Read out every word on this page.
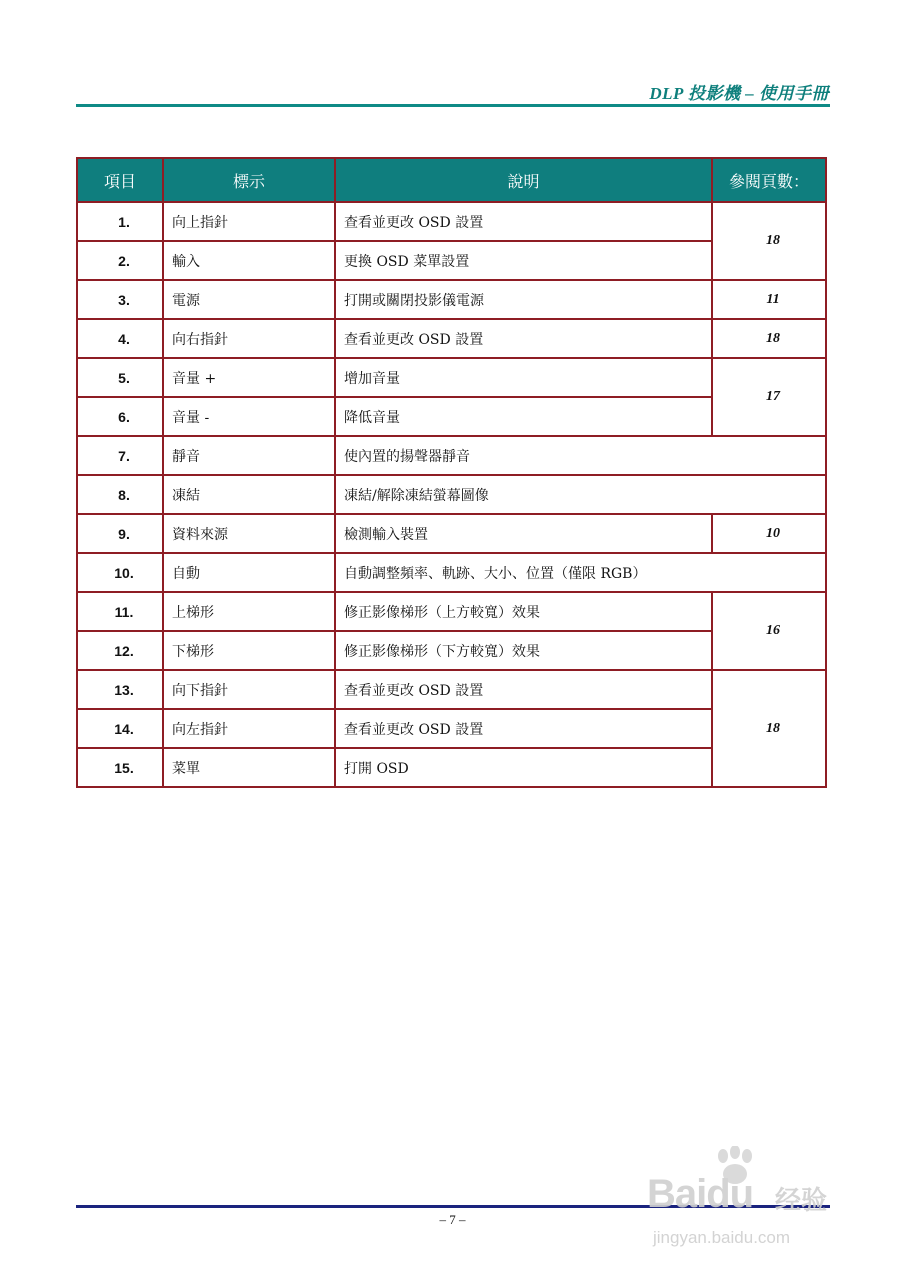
DLP 投影機 – 使用手冊
項目	標示	說明	參閱頁數：
1.	向上指針	查看並更改 OSD 設置	18
2.	輸入	更換 OSD 菜單設置	
3.	電源	打開或關閉投影儀電源	11
4.	向右指針	查看並更改 OSD 設置	18
5.	音量 +	增加音量	17
6.	音量 -	降低音量	
7.	靜音	使內置的揚聲器靜音	
8.	凍結	凍結/解除凍結螢幕圖像	
9.	資料來源	檢測輸入裝置	10
10.	自動	自動調整頻率、軌跡、大小、位置（僅限 RGB）	
11.	上梯形	修正影像梯形（上方較寬）效果	16
12.	下梯形	修正影像梯形（下方較寬）效果	
13.	向下指針	查看並更改 OSD 設置	18
14.	向左指針	查看並更改 OSD 設置	
15.	菜單	打開 OSD	
– 7 –
Baidu 经验
jingyan.baidu.com
